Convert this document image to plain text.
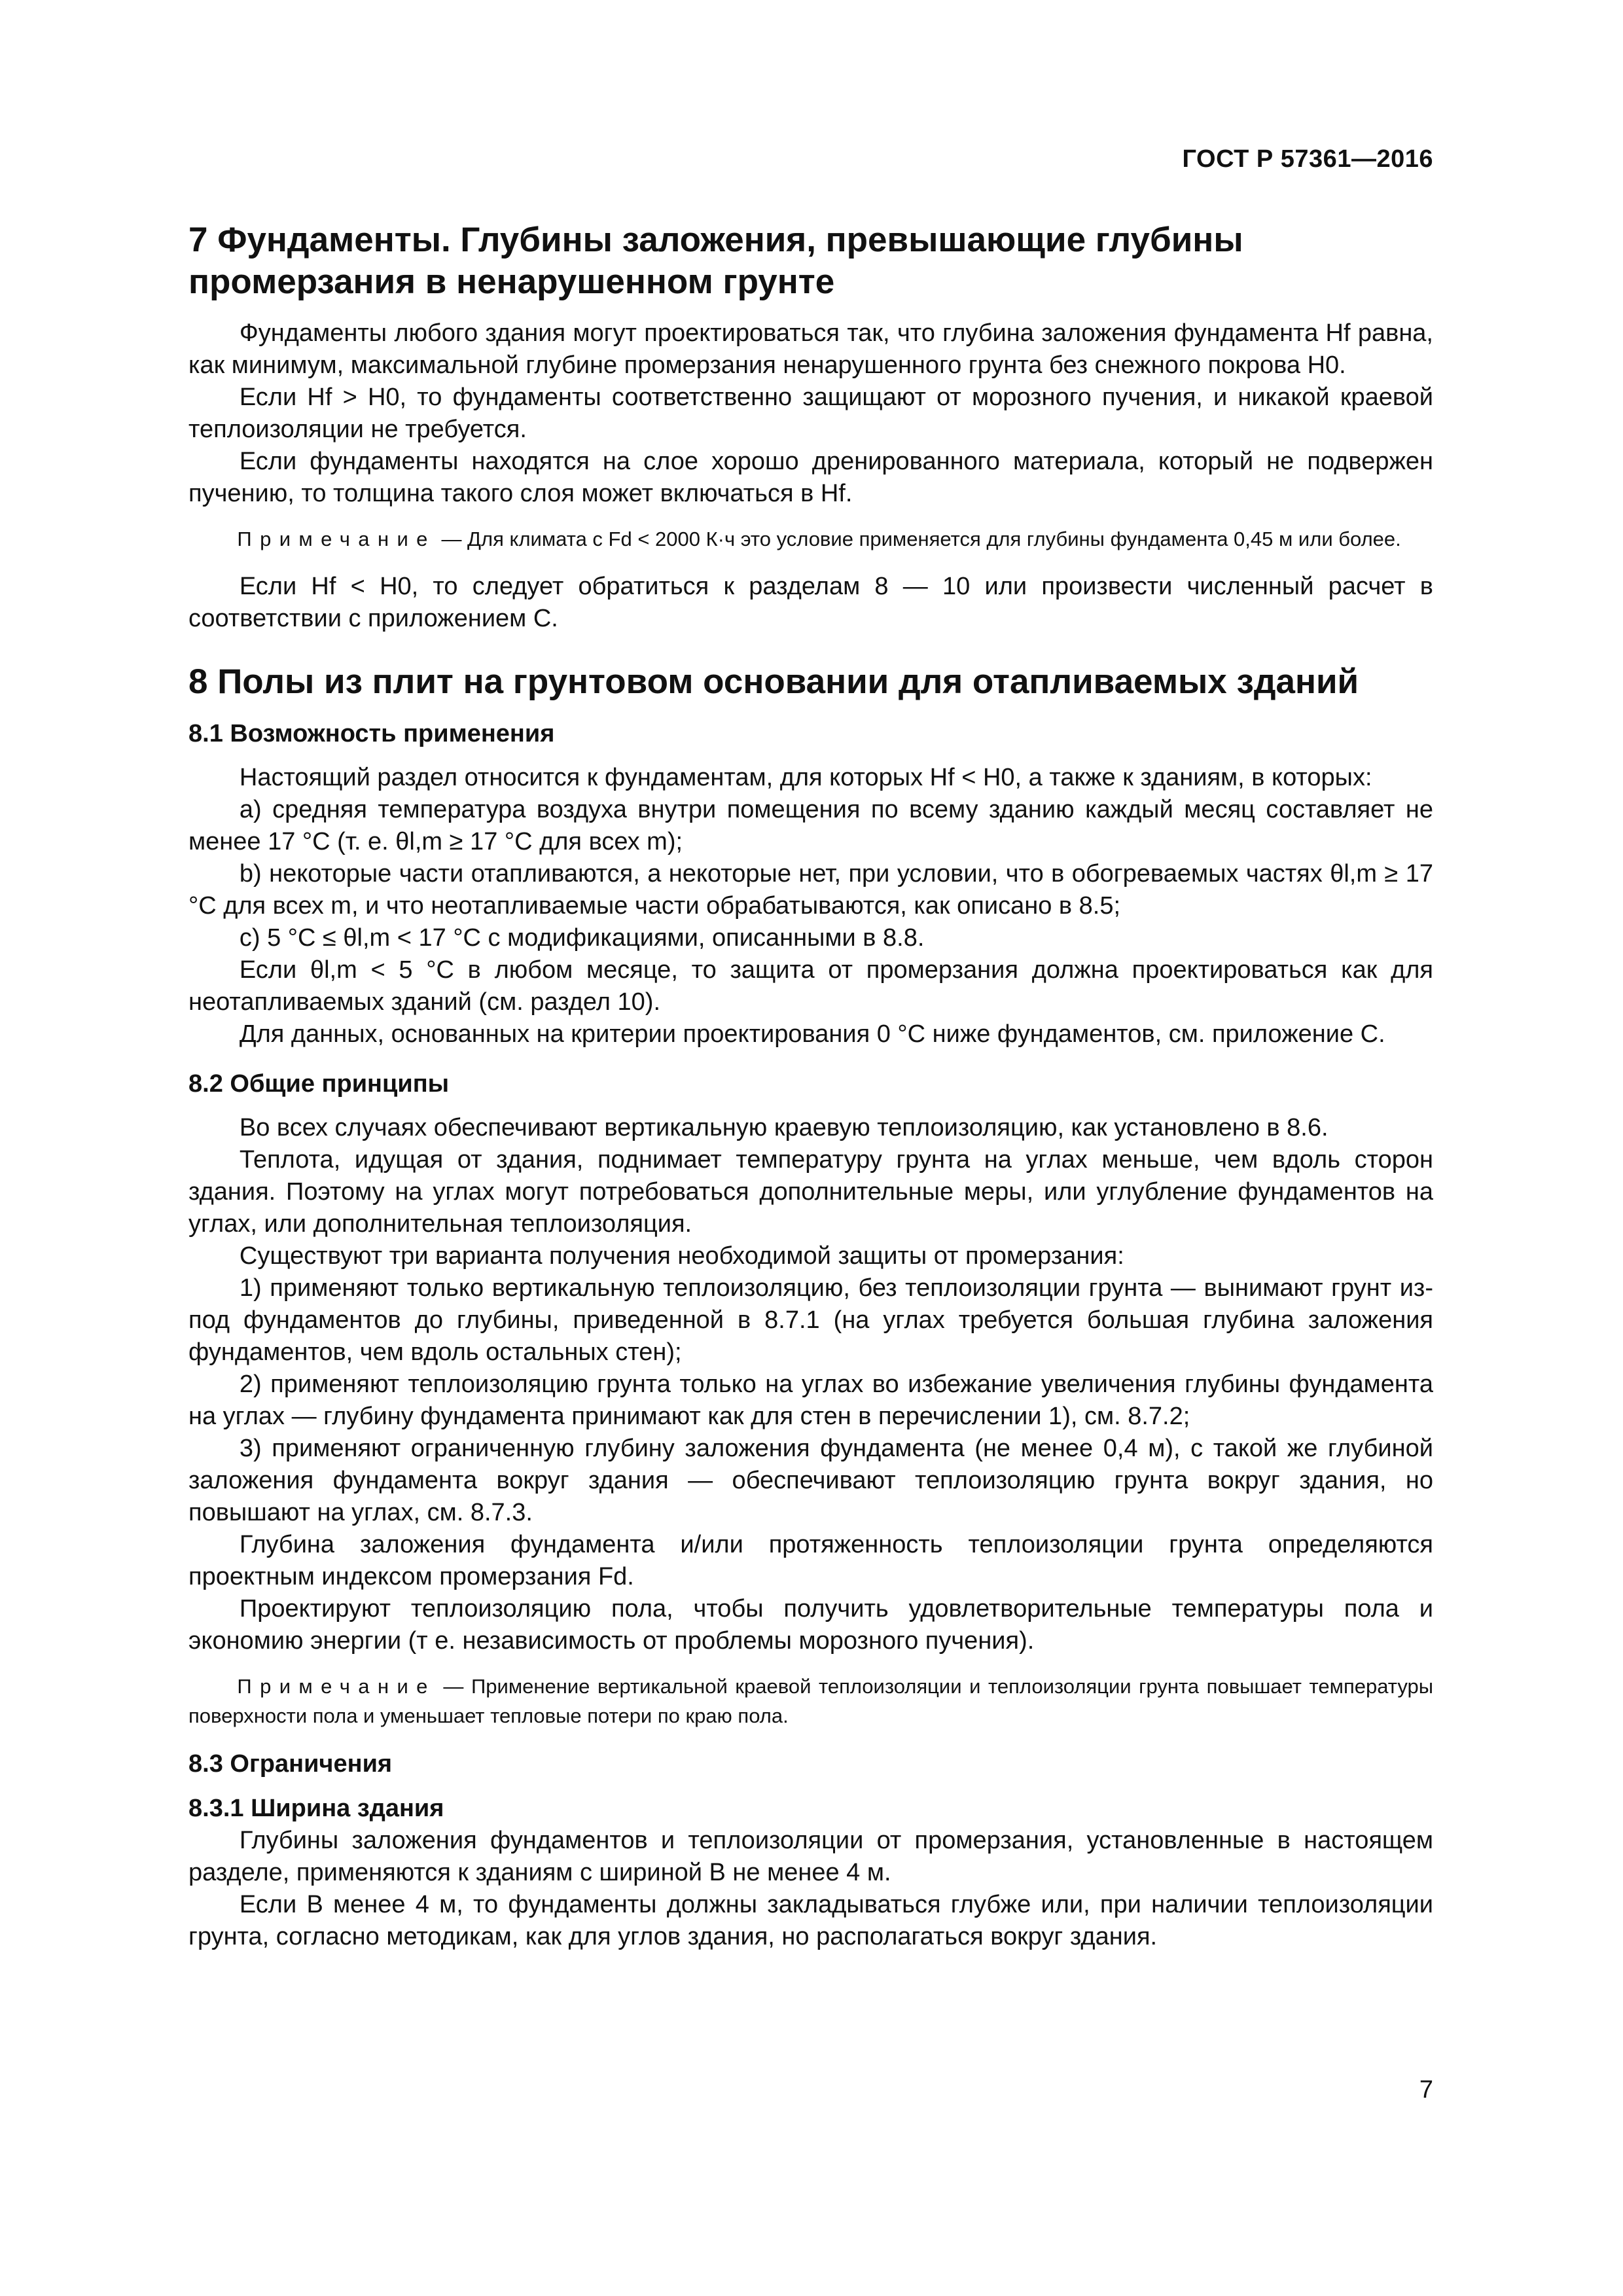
ГОСТ Р 57361—2016
7 Фундаменты. Глубины заложения, превышающие глубины промерзания в ненарушенном грунте

Фундаменты любого здания могут проектироваться так, что глубина заложения фундамента Hf равна, как минимум, максимальной глубине промерзания ненарушенного грунта без снежного покрова H0.

Если Hf > H0, то фундаменты соответственно защищают от морозного пучения, и никакой краевой теплоизоляции не требуется.

Если фундаменты находятся на слое хорошо дренированного материала, который не подвержен пучению, то толщина такого слоя может включаться в Hf.

Примечание — Для климата с Fd < 2000 К·ч это условие применяется для глубины фундамента 0,45 м или более.

Если Hf < H0, то следует обратиться к разделам 8 — 10 или произвести численный расчет в соответствии с приложением С.

8 Полы из плит на грунтовом основании для отапливаемых зданий
8.1 Возможность применения

Настоящий раздел относится к фундаментам, для которых Hf < H0, а также к зданиям, в которых:

а) средняя температура воздуха внутри помещения по всему зданию каждый месяц составляет не менее 17 °С (т. е. θl,m ≥ 17 °С для всех m);

b) некоторые части отапливаются, а некоторые нет, при условии, что в обогреваемых частях θl,m ≥ 17 °С для всех m, и что неотапливаемые части обрабатываются, как описано в 8.5;

с) 5 °С ≤ θl,m < 17 °С с модификациями, описанными в 8.8.

Если θl,m < 5 °С в любом месяце, то защита от промерзания должна проектироваться как для неотапливаемых зданий (см. раздел 10).

Для данных, основанных на критерии проектирования 0 °С ниже фундаментов, см. приложение С.

8.2 Общие принципы

Во всех случаях обеспечивают вертикальную краевую теплоизоляцию, как установлено в 8.6.

Теплота, идущая от здания, поднимает температуру грунта на углах меньше, чем вдоль сторон здания. Поэтому на углах могут потребоваться дополнительные меры, или углубление фундаментов на углах, или дополнительная теплоизоляция.

Существуют три варианта получения необходимой защиты от промерзания:

1) применяют только вертикальную теплоизоляцию, без теплоизоляции грунта — вынимают грунт из-под фундаментов до глубины, приведенной в 8.7.1 (на углах требуется большая глубина заложения фундаментов, чем вдоль остальных стен);

2) применяют теплоизоляцию грунта только на углах во избежание увеличения глубины фундамента на углах — глубину фундамента принимают как для стен в перечислении 1), см. 8.7.2;

3) применяют ограниченную глубину заложения фундамента (не менее 0,4 м), с такой же глубиной заложения фундамента вокруг здания — обеспечивают теплоизоляцию грунта вокруг здания, но повышают на углах, см. 8.7.3.

Глубина заложения фундамента и/или протяженность теплоизоляции грунта определяются проектным индексом промерзания Fd.

Проектируют теплоизоляцию пола, чтобы получить удовлетворительные температуры пола и экономию энергии (т е. независимость от проблемы морозного пучения).

Примечание — Применение вертикальной краевой теплоизоляции и теплоизоляции грунта повышает температуры поверхности пола и уменьшает тепловые потери по краю пола.

8.3 Ограничения
8.3.1 Ширина здания

Глубины заложения фундаментов и теплоизоляции от промерзания, установленные в настоящем разделе, применяются к зданиям с шириной В не менее 4 м.

Если В менее 4 м, то фундаменты должны закладываться глубже или, при наличии теплоизоляции грунта, согласно методикам, как для углов здания, но располагаться вокруг здания.

7
